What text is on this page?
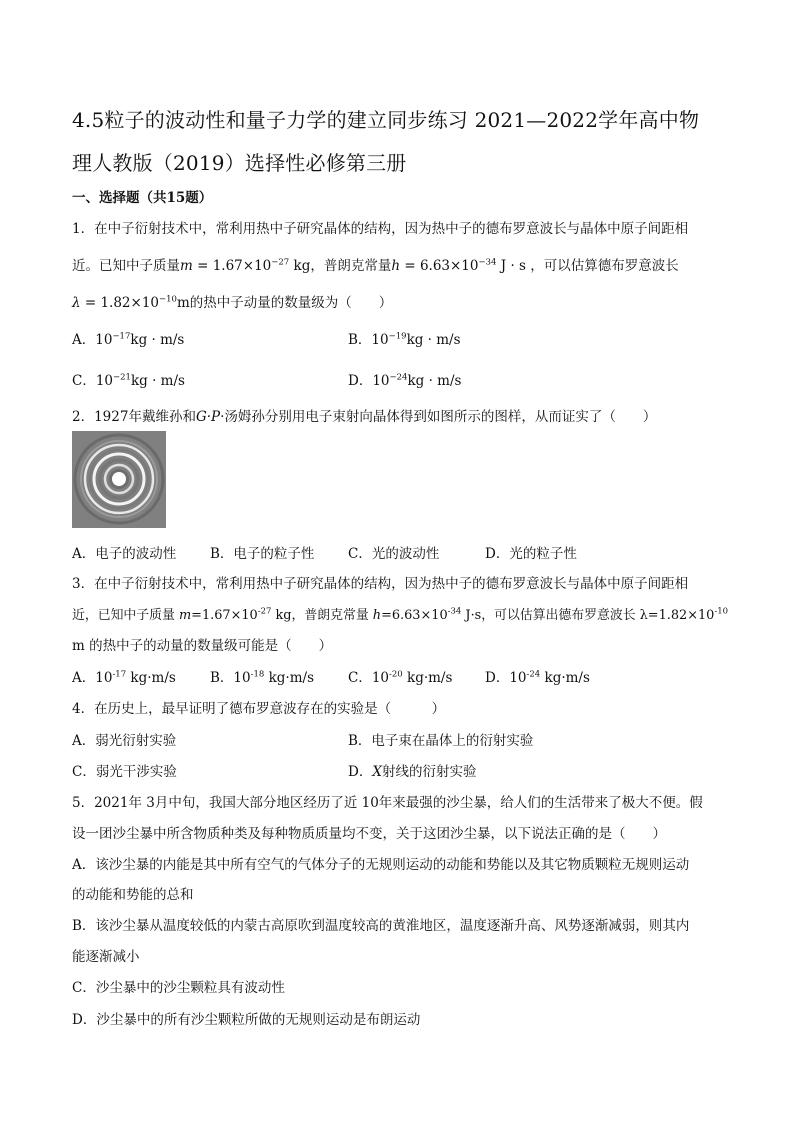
4.5粒子的波动性和量子力学的建立同步练习 2021—2022学年高中物
理人教版（2019）选择性必修第三册
一、选择题（共15题）
1．在中子衍射技术中，常利用热中子研究晶体的结构，因为热中子的德布罗意波长与晶体中原子间距相
近。已知中子质量$m = 1.67\times 10^{-27}$ kg，普朗克常量$h = 6.63\times 10^{-34}$ J · s ，可以估算德布罗意波长
$\lambda = 1.82\times 10^{-10}m$的热中子动量的数量级为（　　）
A．$10^{-17}kg \cdot m/s$	B．$10^{-19}kg \cdot m/s$
C．$10^{-21}kg \cdot m/s$	D．$10^{-24}kg \cdot m/s$
2．1927年戴维孙和G·P·汤姆孙分别用电子束射向晶体得到如图所示的图样，从而证实了（　　）
A．电子的波动性	B．电子的粒子性 C．光的波动性	D．光的粒子性
3．在中子衍射技术中，常利用热中子研究晶体的结构，因为热中子的德布罗意波长与晶体中原子间距相
近，已知中子质量 $m=1.67\times 10^{-27}$ kg，普朗克常量 $h=6.63\times 10^{-34}$ J·s，可以估算出德布罗意波长 $\lambda=1.82\times 10^{-10}$
m 的热中子的动量的数量级可能是（　　）
A．$10^{-17}$ kg·m/s	B．$10^{-18}$ kg·m/s	C．$10^{-20}$ kg·m/s D．$10^{-24}$ kg·m/s
4．在历史上，最早证明了德布罗意波存在的实验是（　　　）
A．弱光衍射实验	B．电子束在晶体上的衍射实验
C．弱光干涉实验	D．X射线的衍射实验
5．2021年 3月中旬，我国大部分地区经历了近 10年来最强的沙尘暴，给人们的生活带来了极大不便。假
设一团沙尘暴中所含物质种类及每种物质质量均不变，关于这团沙尘暴，以下说法正确的是（　　）
A．该沙尘暴的内能是其中所有空气的气体分子的无规则运动的动能和势能以及其它物质颗粒无规则运动
的动能和势能的总和
B．该沙尘暴从温度较低的内蒙古高原吹到温度较高的黄淮地区，温度逐渐升高、风势逐渐减弱，则其内
能逐渐减小
C．沙尘暴中的沙尘颗粒具有波动性
D．沙尘暴中的所有沙尘颗粒所做的无规则运动是布朗运动
